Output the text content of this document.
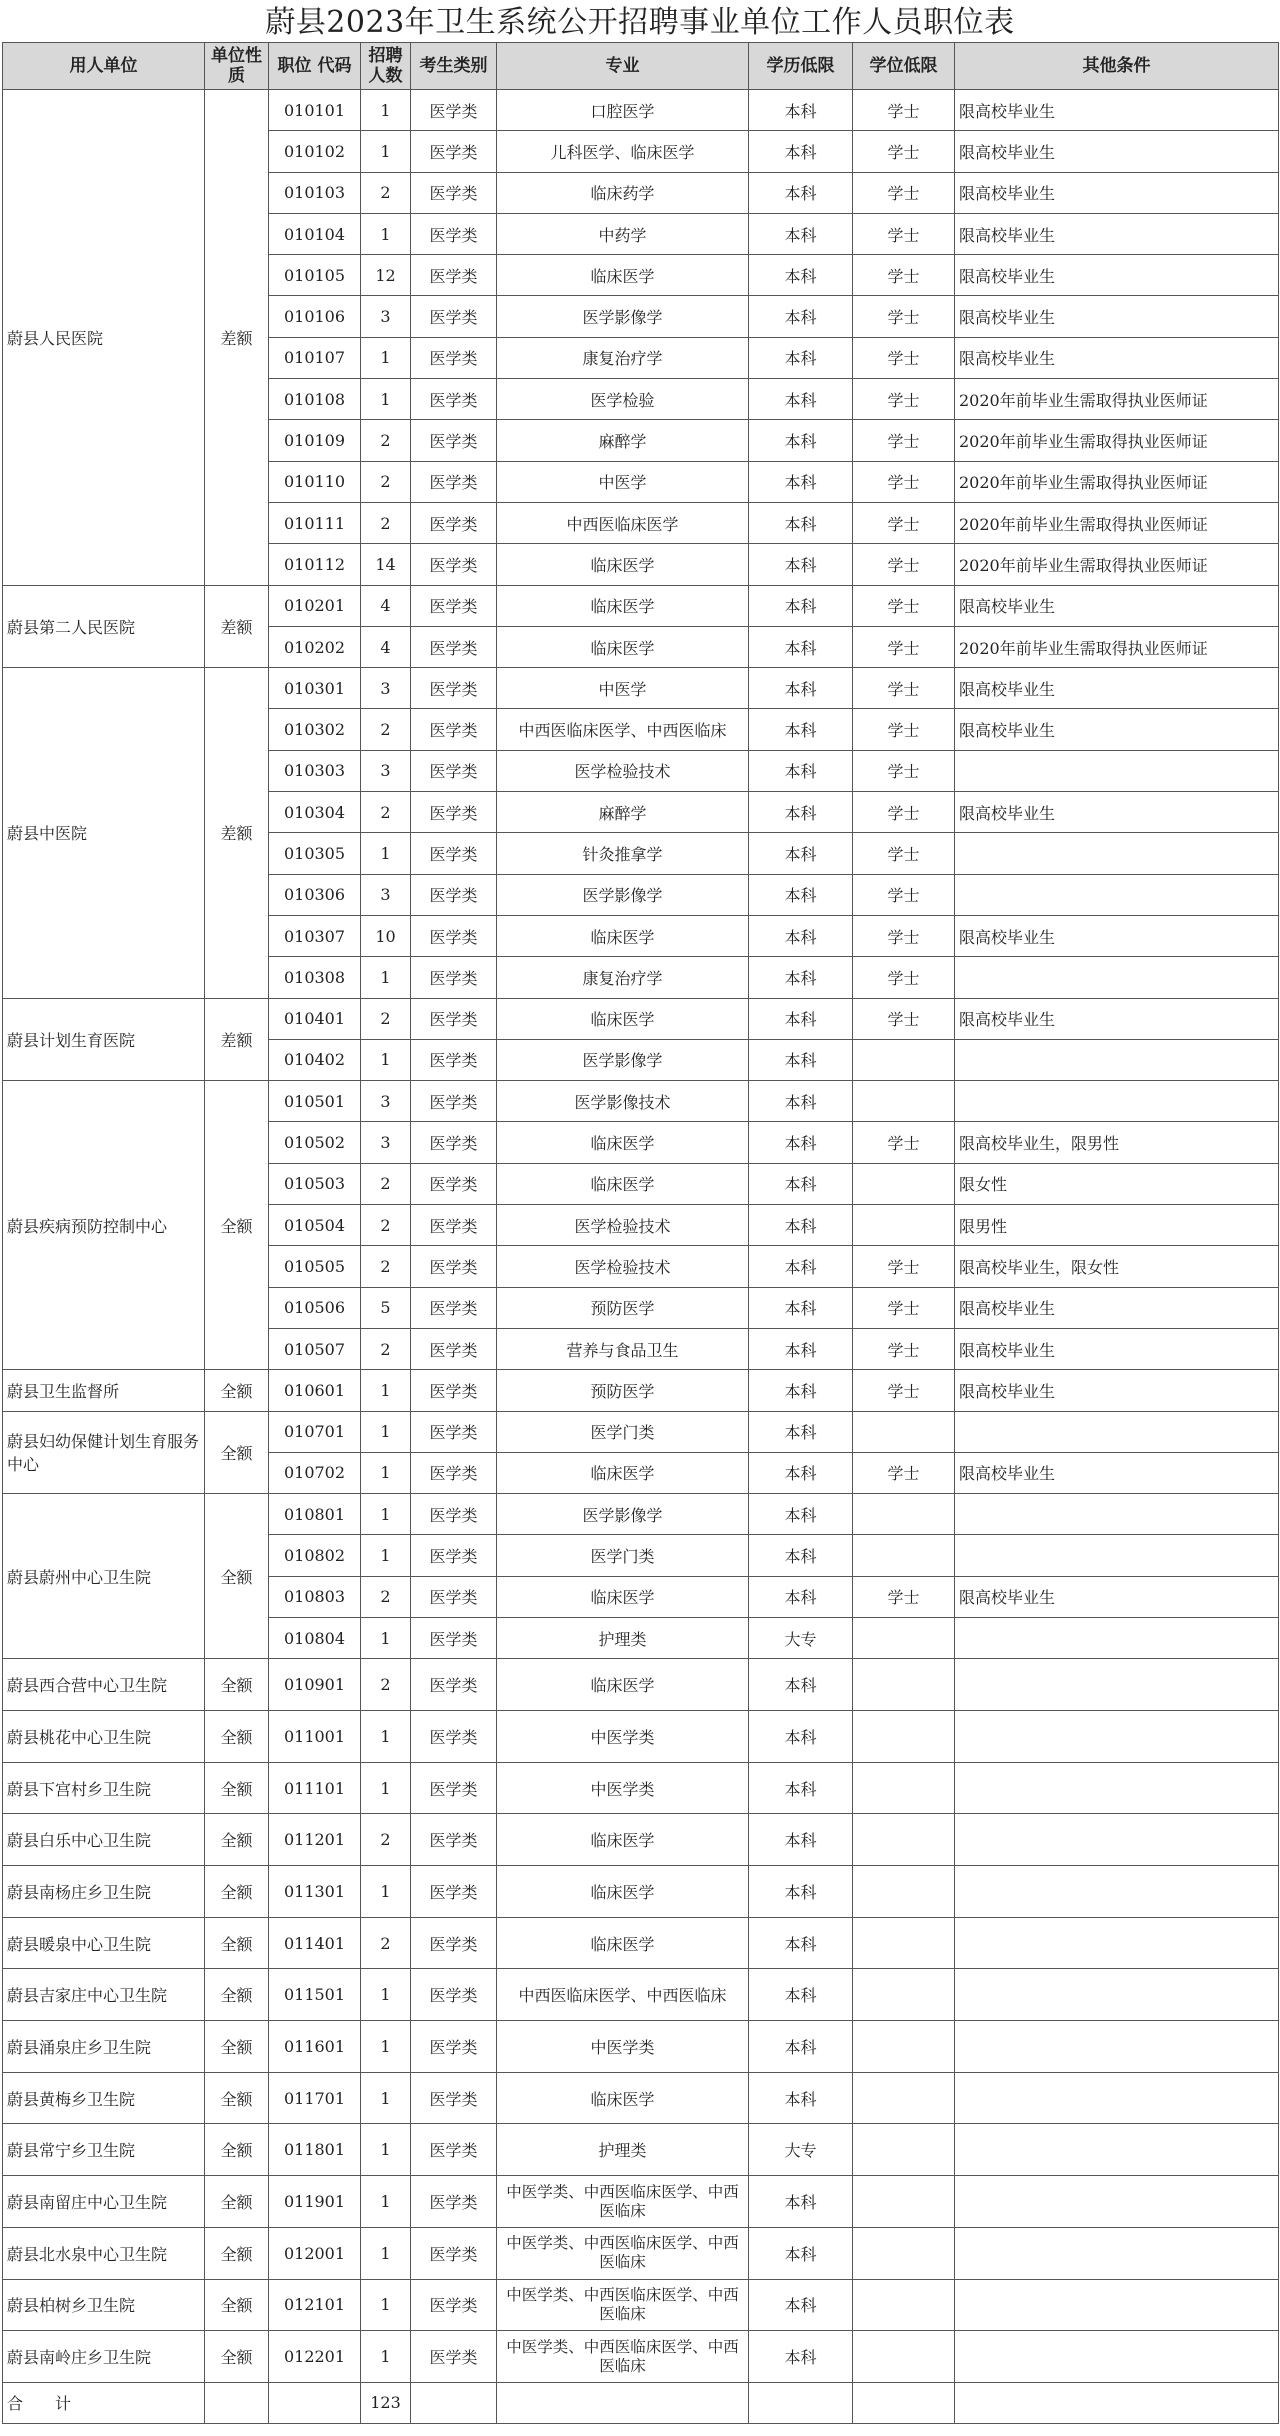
蔚县2023年卫生系统公开招聘事业单位工作人员职位表
用人单位	单位性质	职位 代码	招聘人数	考生类别	专业	学历低限	学位低限	其他条件
蔚县人民医院	差额	010101	1	医学类	口腔医学	本科	学士	限高校毕业生
		010102	1	医学类	儿科医学、临床医学	本科	学士	限高校毕业生
		010103	2	医学类	临床药学	本科	学士	限高校毕业生
		010104	1	医学类	中药学	本科	学士	限高校毕业生
		010105	12	医学类	临床医学	本科	学士	限高校毕业生
		010106	3	医学类	医学影像学	本科	学士	限高校毕业生
		010107	1	医学类	康复治疗学	本科	学士	限高校毕业生
		010108	1	医学类	医学检验	本科	学士	2020年前毕业生需取得执业医师证
		010109	2	医学类	麻醉学	本科	学士	2020年前毕业生需取得执业医师证
		010110	2	医学类	中医学	本科	学士	2020年前毕业生需取得执业医师证
		010111	2	医学类	中西医临床医学	本科	学士	2020年前毕业生需取得执业医师证
		010112	14	医学类	临床医学	本科	学士	2020年前毕业生需取得执业医师证
蔚县第二人民医院	差额	010201	4	医学类	临床医学	本科	学士	限高校毕业生
		010202	4	医学类	临床医学	本科	学士	2020年前毕业生需取得执业医师证
蔚县中医院	差额	010301	3	医学类	中医学	本科	学士	限高校毕业生
		010302	2	医学类	中西医临床医学、中西医临床	本科	学士	限高校毕业生
		010303	3	医学类	医学检验技术	本科	学士	
		010304	2	医学类	麻醉学	本科	学士	限高校毕业生
		010305	1	医学类	针灸推拿学	本科	学士	
		010306	3	医学类	医学影像学	本科	学士	
		010307	10	医学类	临床医学	本科	学士	限高校毕业生
		010308	1	医学类	康复治疗学	本科	学士	
蔚县计划生育医院	差额	010401	2	医学类	临床医学	本科	学士	限高校毕业生
		010402	1	医学类	医学影像学	本科		
蔚县疾病预防控制中心	全额	010501	3	医学类	医学影像技术	本科		
		010502	3	医学类	临床医学	本科	学士	限高校毕业生，限男性
		010503	2	医学类	临床医学	本科		限女性
		010504	2	医学类	医学检验技术	本科		限男性
		010505	2	医学类	医学检验技术	本科	学士	限高校毕业生，限女性
		010506	5	医学类	预防医学	本科	学士	限高校毕业生
		010507	2	医学类	营养与食品卫生	本科	学士	限高校毕业生
蔚县卫生监督所	全额	010601	1	医学类	预防医学	本科	学士	限高校毕业生
蔚县妇幼保健计划生育服务中心	全额	010701	1	医学类	医学门类	本科		
		010702	1	医学类	临床医学	本科	学士	限高校毕业生
蔚县蔚州中心卫生院	全额	010801	1	医学类	医学影像学	本科		
		010802	1	医学类	医学门类	本科		
		010803	2	医学类	临床医学	本科	学士	限高校毕业生
		010804	1	医学类	护理类	大专		
蔚县西合营中心卫生院	全额	010901	2	医学类	临床医学	本科		
蔚县桃花中心卫生院	全额	011001	1	医学类	中医学类	本科		
蔚县下宫村乡卫生院	全额	011101	1	医学类	中医学类	本科		
蔚县白乐中心卫生院	全额	011201	2	医学类	临床医学	本科		
蔚县南杨庄乡卫生院	全额	011301	1	医学类	临床医学	本科		
蔚县暖泉中心卫生院	全额	011401	2	医学类	临床医学	本科		
蔚县吉家庄中心卫生院	全额	011501	1	医学类	中西医临床医学、中西医临床	本科		
蔚县涌泉庄乡卫生院	全额	011601	1	医学类	中医学类	本科		
蔚县黄梅乡卫生院	全额	011701	1	医学类	临床医学	本科		
蔚县常宁乡卫生院	全额	011801	1	医学类	护理类	大专		
蔚县南留庄中心卫生院	全额	011901	1	医学类	中医学类、中西医临床医学、中西医临床	本科		
蔚县北水泉中心卫生院	全额	012001	1	医学类	中医学类、中西医临床医学、中西医临床	本科		
蔚县柏树乡卫生院	全额	012101	1	医学类	中医学类、中西医临床医学、中西医临床	本科		
蔚县南岭庄乡卫生院	全额	012201	1	医学类	中医学类、中西医临床医学、中西医临床	本科		
合　　计			123					
